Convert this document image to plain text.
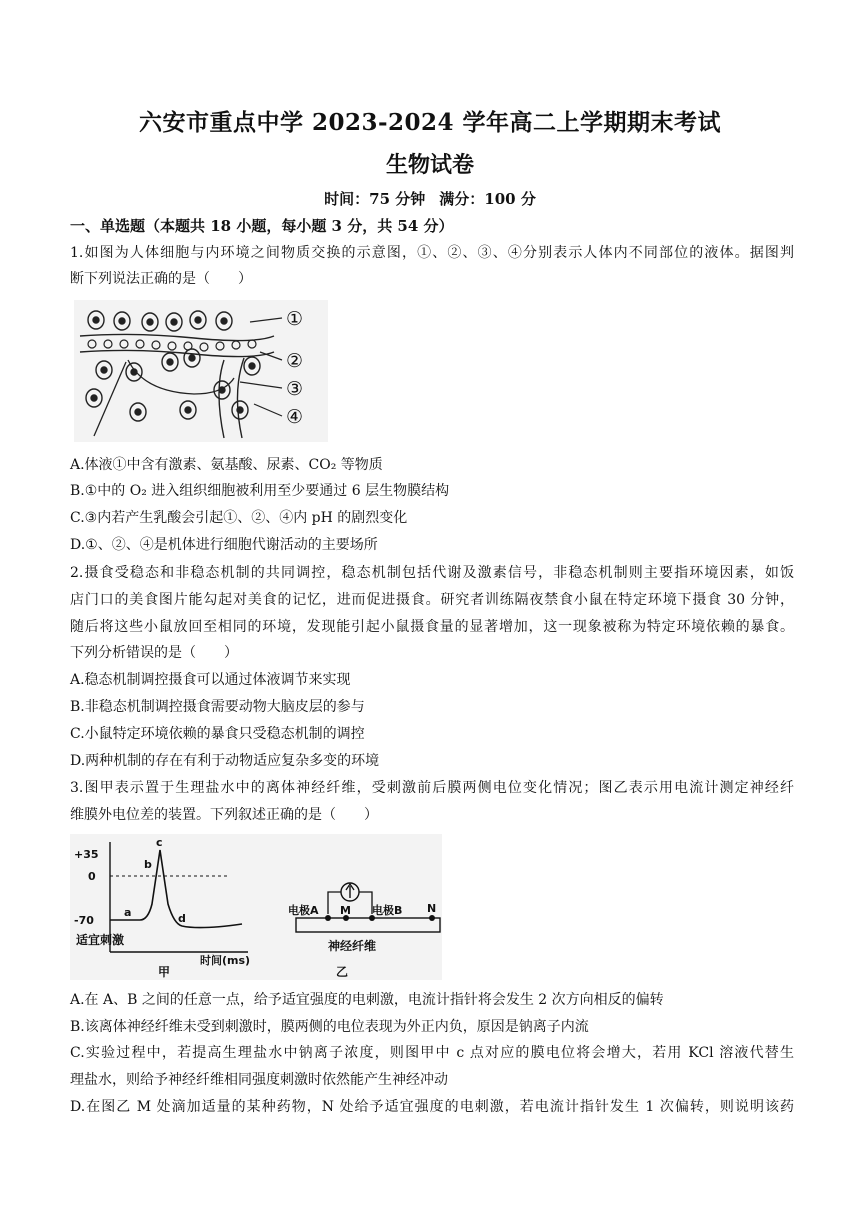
六安市重点中学 2023-2024 学年高二上学期期末考试
生物试卷
时间：75 分钟 满分：100 分
一、单选题（本题共 18 小题，每小题 3 分，共 54 分）
1.如图为人体细胞与内环境之间物质交换的示意图，①、②、③、④分别表示人体内不同部位的液体。据图判
断下列说法正确的是（　　）
①
②
③
④
A.体液①中含有激素、氨基酸、尿素、CO₂ 等物质
B.①中的 O₂ 进入组织细胞被利用至少要通过 6 层生物膜结构
C.③内若产生乳酸会引起①、②、④内 pH 的剧烈变化
D.①、②、④是机体进行细胞代谢活动的主要场所
2.摄食受稳态和非稳态机制的共同调控，稳态机制包括代谢及激素信号，非稳态机制则主要指环境因素，如饭
店门口的美食图片能勾起对美食的记忆，进而促进摄食。研究者训练隔夜禁食小鼠在特定环境下摄食 30 分钟，
随后将这些小鼠放回至相同的环境，发现能引起小鼠摄食量的显著增加，这一现象被称为特定环境依赖的暴食。
下列分析错误的是（　　）
A.稳态机制调控摄食可以通过体液调节来实现
B.非稳态机制调控摄食需要动物大脑皮层的参与
C.小鼠特定环境依赖的暴食只受稳态机制的调控
D.两种机制的存在有利于动物适应复杂多变的环境
3.图甲表示置于生理盐水中的离体神经纤维，受刺激前后膜两侧电位变化情况；图乙表示用电流计测定神经纤
维膜外电位差的装置。下列叙述正确的是（　　）
+35
0
-70
a
b
c
d
适宜刺激
时间(ms)
甲
电极A M 电极B N
神经纤维
乙
A.在 A、B 之间的任意一点，给予适宜强度的电刺激，电流计指针将会发生 2 次方向相反的偏转
B.该离体神经纤维未受到刺激时，膜两侧的电位表现为外正内负，原因是钠离子内流
C.实验过程中，若提高生理盐水中钠离子浓度，则图甲中 c 点对应的膜电位将会增大，若用 KCl 溶液代替生
理盐水，则给予神经纤维相同强度刺激时依然能产生神经冲动
D.在图乙 M 处滴加适量的某种药物，N 处给予适宜强度的电刺激，若电流计指针发生 1 次偏转，则说明该药
